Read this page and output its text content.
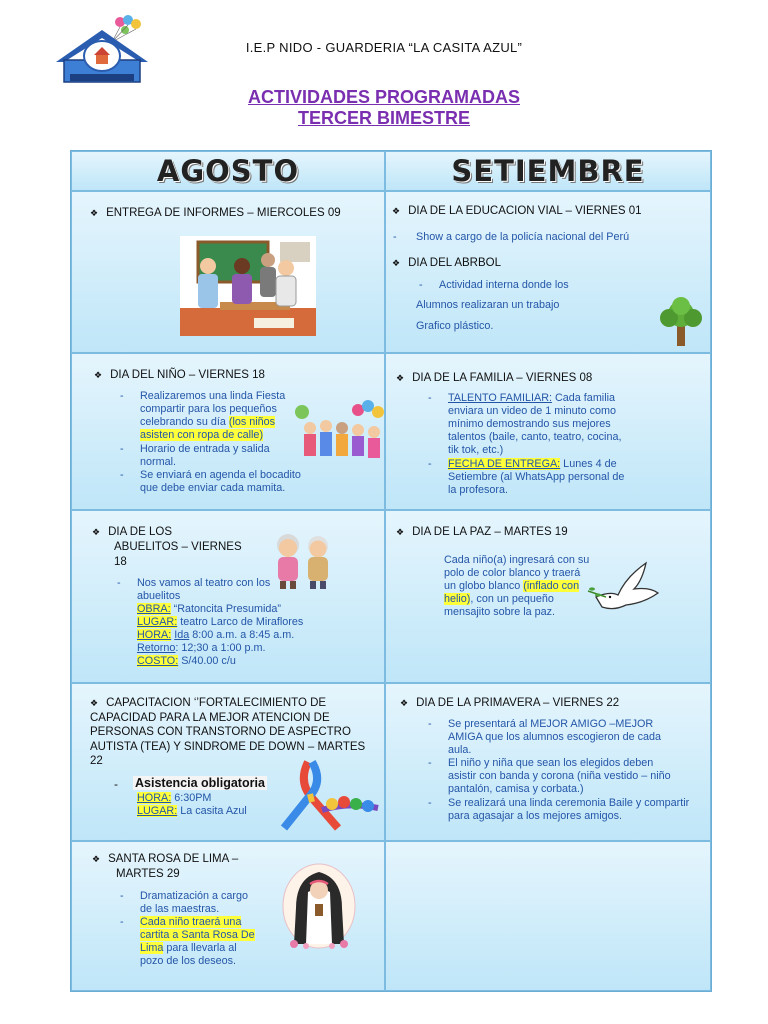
I.E.P NIDO - GUARDERIA “LA CASITA AZUL”
ACTIVIDADES PROGRAMADAS
TERCER BIMESTRE
AGOSTO	SETIEMBRE
❖ ENTREGA DE INFORMES – MIERCOLES 09	❖ DIA DE LA EDUCACION VIAL – VIERNES 01
- Show a cargo de la policía nacional del Perú
❖ DIA DEL ABRBOL
- Actividad interna donde los
Alumnos realizaran un trabajo
Grafico plástico.
❖ DIA DEL NIÑO – VIERNES 18
- Realizaremos una linda Fiesta compartir para los pequeños celebrando su día (los niños asisten con ropa de calle)
- Horario de entrada y salida normal.
- Se enviará en agenda el bocadito que debe enviar cada mamita.
❖ DIA DE LA FAMILIA – VIERNES 08
- TALENTO FAMILIAR: Cada familia enviara un video de 1 minuto como mínimo demostrando sus mejores talentos (baile, canto, teatro, cocina, tik tok, etc.)
- FECHA DE ENTREGA: Lunes 4 de Setiembre (al WhatsApp personal de la profesora.
❖ DIA DE LOS
ABUELITOS – VIERNES
18
- Nos vamos al teatro con los abuelitos
OBRA: “Ratoncita Presumida”
LUGAR: teatro Larco de Miraflores
HORA: Ida 8:00 a.m. a 8:45 a.m. Retorno: 12;30 a 1:00 p.m.
COSTO: S/40.00 c/u
❖ DIA DE LA PAZ – MARTES 19
Cada niño(a) ingresará con su polo de color blanco y traerá un globo blanco (inflado con helio), con un pequeño mensajito sobre la paz.
❖ CAPACITACION ‘’FORTALECIMIENTO DE CAPACIDAD PARA LA MEJOR ATENCION DE PERSONAS CON TRANSTORNO DE ASPECTRO AUTISTA (TEA) Y SINDROME DE DOWN – MARTES 22
- Asistencia obligatoria
HORA: 6:30PM
LUGAR: La casita Azul
❖ DIA DE LA PRIMAVERA – VIERNES 22
- Se presentará al MEJOR AMIGO –MEJOR AMIGA que los alumnos escogieron de cada aula.
- El niño y niña que sean los elegidos deben asistir con banda y corona (niña vestido – niño pantalón, camisa y corbata.)
- Se realizará una linda ceremonia Baile y compartir para agasajar a los mejores amigos.
❖ SANTA ROSA DE LIMA –
MARTES 29
- Dramatización a cargo de las maestras.
- Cada niño traerá una cartita a Santa Rosa De Lima para llevarla al pozo de los deseos.
